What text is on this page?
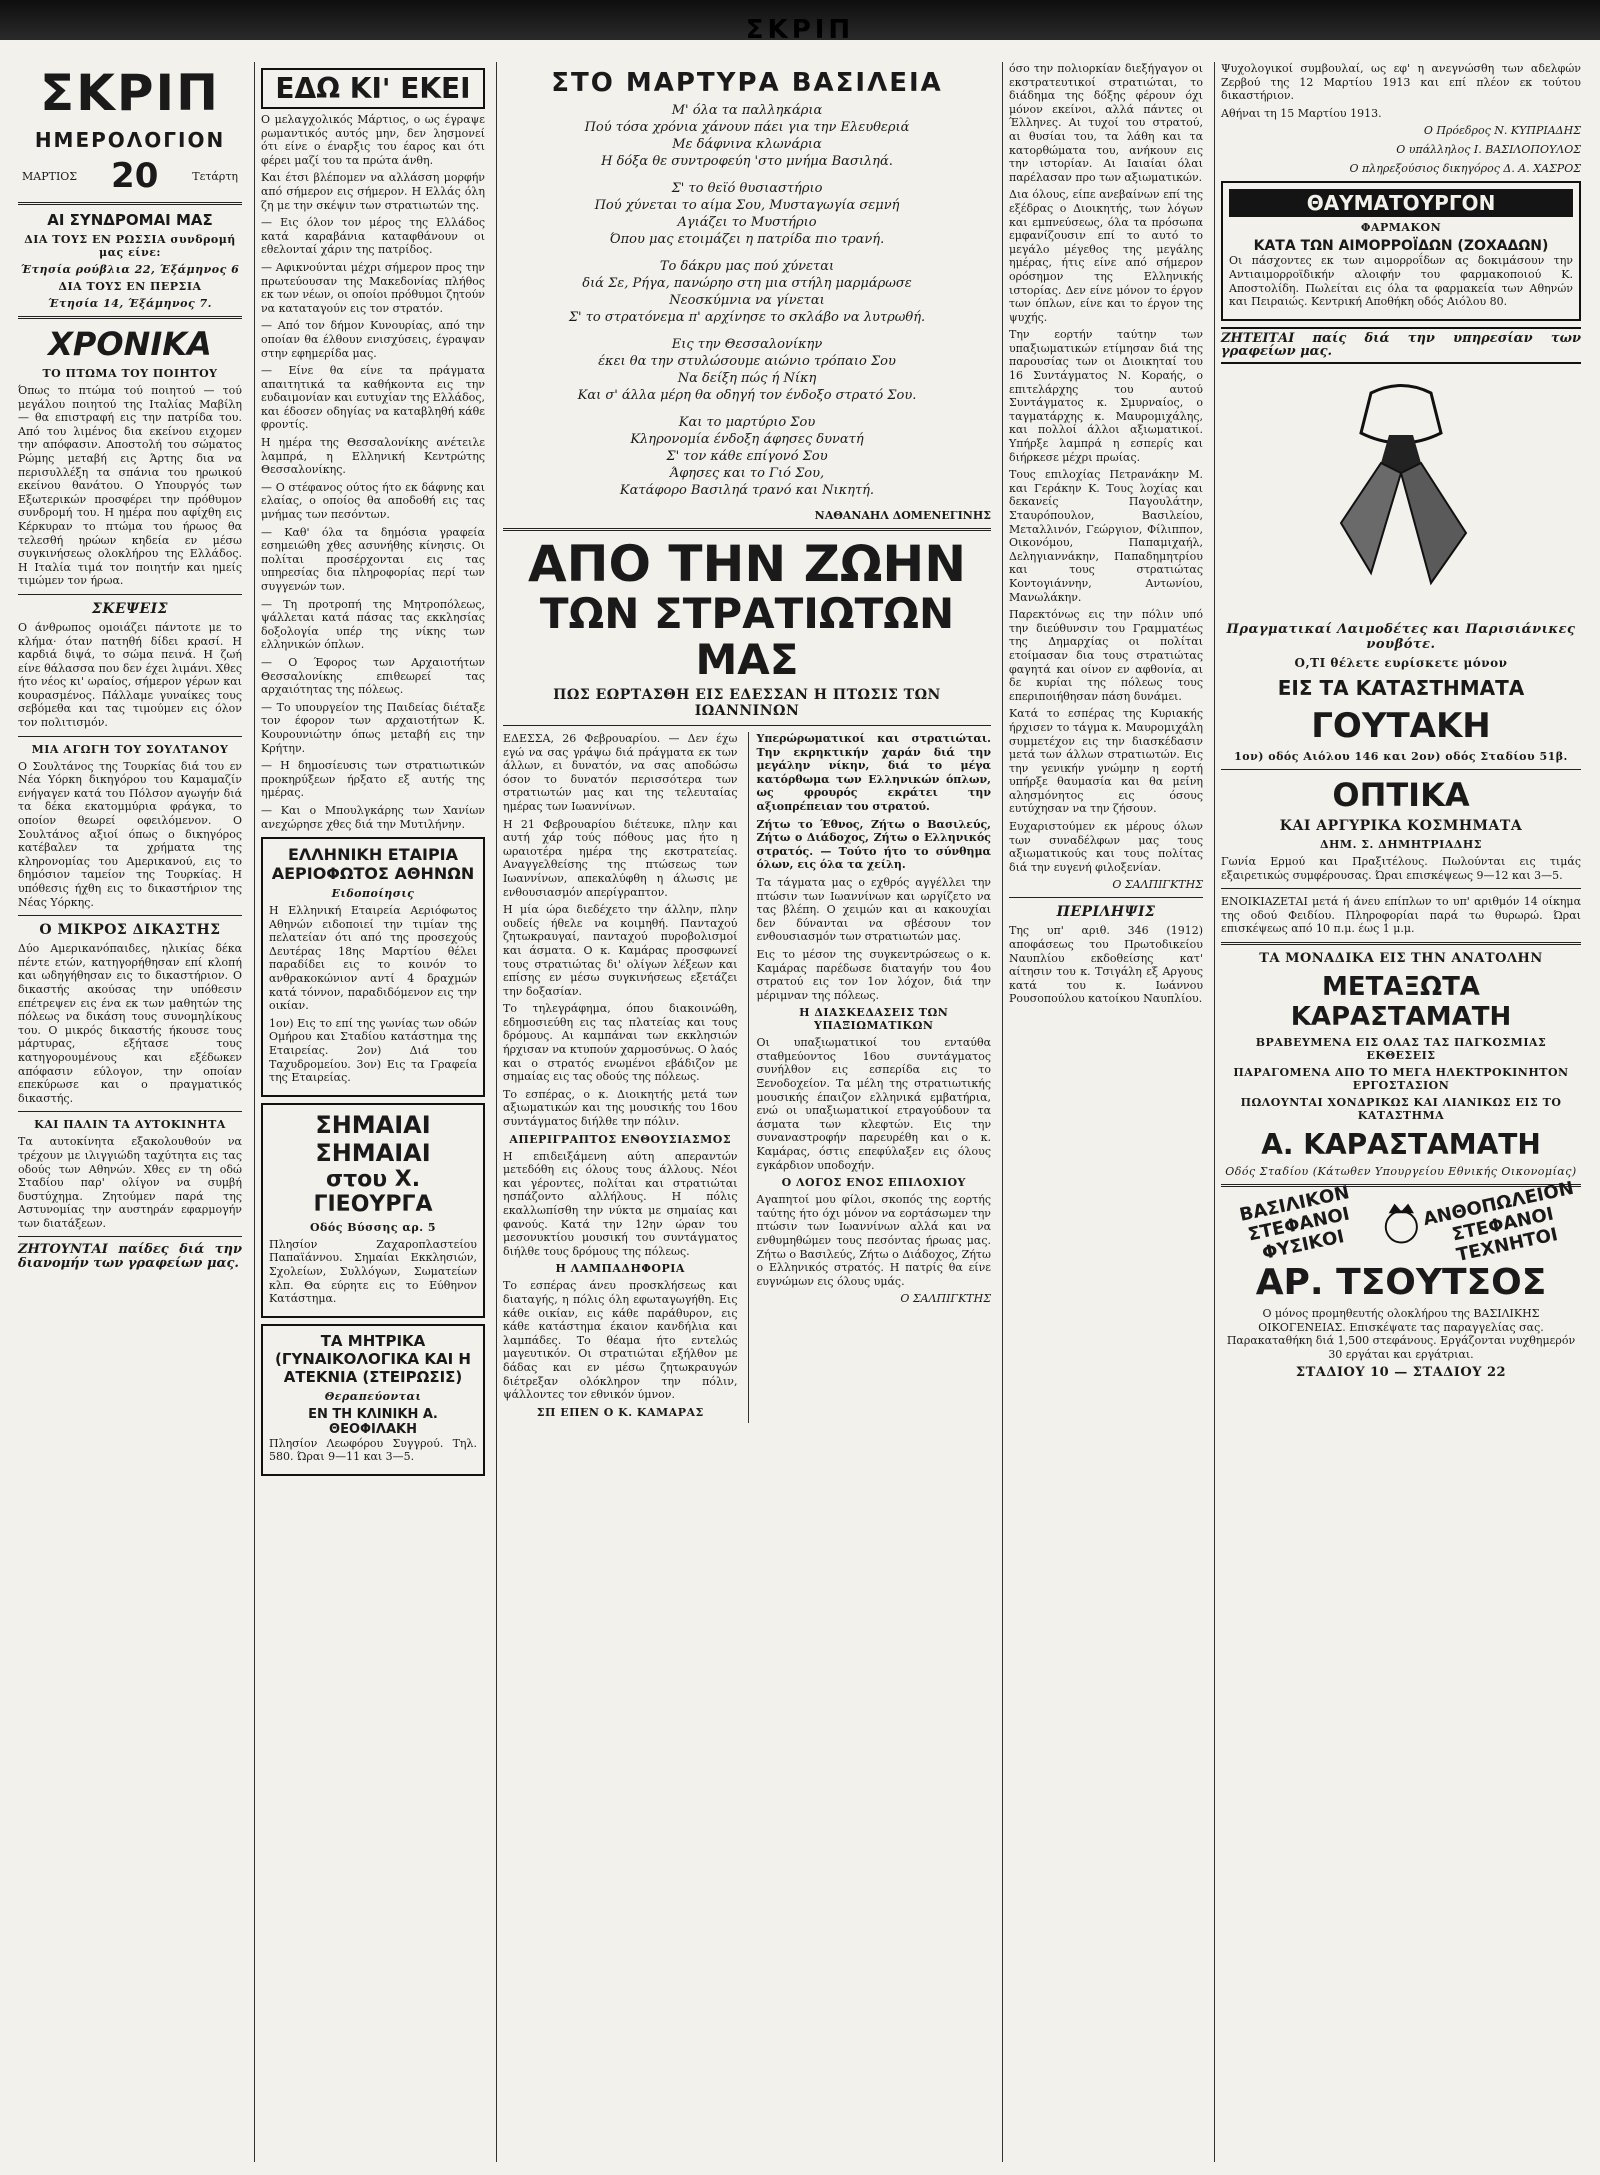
ΣΚΡΙΠ
ΣΚΡΙΠ
ΗΜΕΡΟΛΟΓΙΟΝ
ΜΑΡΤΙΟΣ 20	Τετάρτη
ΑΙ ΣΥΝΔΡΟΜΑΙ ΜΑΣ
ΔΙΑ ΤΟΥΣ ΕΝ ΡΩΣΣΙΑ συνδρομή μας είνε:
Έτησία ρούβλια 22, Έξάμηνος 6
ΔΙΑ ΤΟΥΣ ΕΝ ΠΕΡΣΙΑ
Έτησία 14, Έξάμηνος 7.
ΧΡΟΝΙΚΑ
ΤΟ ΠΤΩΜΑ ΤΟΥ ΠΟΙΗΤΟΥ

Όπως το πτώμα τού ποιητού — τού μεγάλου ποιητού της Ιταλίας Μαβίλη — θα επιστραφή εις την πατρίδα του. Από του λιμένος δια εκείνου ειχομεν την απόφασιν. Αποστολή του σώματος Ρώμης μεταβή εις Άρτης δια να περισυλλέξη τα σπάνια του ηρωικού εκείνου θανάτου. Ο Υπουργός των Εξωτερικών προσφέρει την πρόθυμον συνδρομή του. Η ημέρα που αφίχθη εις Κέρκυραν το πτώμα του ήρωος θα τελεσθή ηρώων κηδεία εν μέσω συγκινήσεως ολοκλήρου της Ελλάδος. Η Ιταλία τιμά τον ποιητήν και ημείς τιμώμεν τον ήρωα.

ΣΚΕΨΕΙΣ

Ο άνθρωπος ομοιάζει πάντοτε με το κλήμα· όταν πατηθή δίδει κρασί. Η καρδιά διψά, το σώμα πεινά. Η ζωή είνε θάλασσα που δεν έχει λιμάνι. Χθες ήτο νέος κι' ωραίος, σήμερον γέρων και κουρασμένος. Πάλλαμε γυναίκες τους σεβόμεθα και τας τιμούμεν εις όλον τον πολιτισμόν.

ΜΙΑ ΑΓΩΓΗ ΤΟΥ ΣΟΥΛΤΑΝΟΥ

Ο Σουλτάνος της Τουρκίας διά του εν Νέα Υόρκη δικηγόρου του Καμαμαζίν ενήγαγεν κατά του Πόλσον αγωγήν διά τα δέκα εκατομμύρια φράγκα, το οποίον θεωρεί οφειλόμενον. Ο Σουλτάνος αξιοί όπως ο δικηγόρος κατέβαλεν τα χρήματα της κληρονομίας του Αμερικανού, εις το δημόσιον ταμείον της Τουρκίας. Η υπόθεσις ήχθη εις το δικαστήριον της Νέας Υόρκης.

Ο ΜΙΚΡΟΣ ΔΙΚΑΣΤΗΣ

Δύο Αμερικανόπαιδες, ηλικίας δέκα πέντε ετών, κατηγορήθησαν επί κλοπή και ωδηγήθησαν εις το δικαστήριον. Ο δικαστής ακούσας την υπόθεσιν επέτρεψεν εις ένα εκ των μαθητών της πόλεως να δικάση τους συνομηλίκους του. Ο μικρός δικαστής ήκουσε τους μάρτυρας, εξήτασε τους κατηγορουμένους και εξέδωκεν απόφασιν εύλογον, την οποίαν επεκύρωσε και ο πραγματικός δικαστής.

ΚΑΙ ΠΑΛΙΝ ΤΑ ΑΥΤΟΚΙΝΗΤΑ

Τα αυτοκίνητα εξακολουθούν να τρέχουν με ιλιγγιώδη ταχύτητα εις τας οδούς των Αθηνών. Χθες εν τη οδώ Σταδίου παρ' ολίγον να συμβή δυστύχημα. Ζητούμεν παρά της Αστυνομίας την αυστηράν εφαρμογήν των διατάξεων.

ΖΗΤΟΥΝΤΑΙ παίδες διά την διανομήν των γραφείων μας.

ΕΔΩ ΚΙ' ΕΚΕΙ

Ο μελαγχολικός Μάρτιος, ο ως έγραψε ρωμαντικός αυτός μην, δεν λησμονεί ότι είνε ο έναρξις του έαρος και ότι φέρει μαζί του τα πρώτα άνθη.

Και έτσι βλέπομεν να αλλάσση μορφήν από σήμερον εις σήμερον. Η Ελλάς όλη ζη με την σκέψιν των στρατιωτών της.

— Εις όλον τον μέρος της Ελλάδος κατά καραβάνια καταφθάνουν οι εθελονταί χάριν της πατρίδος.

— Αφικνούνται μέχρι σήμερον προς την πρωτεύουσαν της Μακεδονίας πλήθος εκ των νέων, οι οποίοι πρόθυμοι ζητούν να καταταγούν εις τον στρατόν.

— Από τον δήμον Κυνουρίας, από την οποίαν θα έλθουν ενισχύσεις, έγραψαν στην εφημερίδα μας.

— Είνε θα είνε τα πράγματα απαιτητικά τα καθήκοντα εις την ευδαιμονίαν και ευτυχίαν της Ελλάδος, και έδοσεν οδηγίας να καταβληθή κάθε φροντίς.

Η ημέρα της Θεσσαλονίκης ανέτειλε λαμπρά, η Ελληνική Κεντρώτης Θεσσαλονίκης.

— Ο στέφανος ούτος ήτο εκ δάφνης και ελαίας, ο οποίος θα αποδοθή εις τας μνήμας των πεσόντων.

— Καθ' όλα τα δημόσια γραφεία εσημειώθη χθες ασυνήθης κίνησις. Οι πολίται προσέρχονται εις τας υπηρεσίας δια πληροφορίας περί των συγγενών των.

— Τη προτροπή της Μητροπόλεως, ψάλλεται κατά πάσας τας εκκλησίας δοξολογία υπέρ της νίκης των ελληνικών όπλων.

— Ο Έφορος των Αρχαιοτήτων Θεσσαλονίκης επιθεωρεί τας αρχαιότητας της πόλεως.

— Το υπουργείον της Παιδείας διέταξε τον έφορον των αρχαιοτήτων Κ. Κουρουνιώτην όπως μεταβή εις την Κρήτην.

— Η δημοσίευσις των στρατιωτικών προκηρύξεων ήρξατο εξ αυτής της ημέρας.

— Και ο Μπουλγκάρης των Χανίων ανεχώρησε χθες διά την Μυτιλήνην.

ΕΛΛΗΝΙΚΗ ΕΤΑΙΡΙΑ ΑΕΡΙΟΦΩΤΟΣ ΑΘΗΝΩΝ
Ειδοποίησις

Η Ελληνική Εταιρεία Αεριόφωτος Αθηνών ειδοποιεί την τιμίαν της πελατείαν ότι από της προσεχούς Δευτέρας 18ης Μαρτίου θέλει παραδίδει εις το κοινόν το ανθρακοκώνιον αντί 4 δραχμών κατά τόννον, παραδιδόμενον εις την οικίαν.

1ον) Εις το επί της γωνίας των οδών Ομήρου και Σταδίου κατάστημα της Εταιρείας. 2ον) Διά του Ταχυδρομείου. 3ον) Εις τα Γραφεία της Εταιρείας.

ΣΗΜΑΙΑΙ ΣΗΜΑΙΑΙ
στου Χ. ΓΙΕΟΥΡΓΑ
Οδός Βύσσης αρ. 5

Πλησίον Ζαχαροπλαστείου Παπαϊάννου. Σημαίαι Εκκλησιών, Σχολείων, Συλλόγων, Σωματείων κλπ. Θα εύρητε εις το Εύθηνον Κατάστημα.

ΤΑ ΜΗΤΡΙΚΑ (ΓΥΝΑΙΚΟΛΟΓΙΚΑ ΚΑΙ Η ΑΤΕΚΝΙΑ (ΣΤΕΙΡΩΣΙΣ)
Θεραπεύονται
ΕΝ ΤΗ ΚΛΙΝΙΚΗ Α. ΘΕΟΦΙΛΑΚΗ

Πλησίον Λεωφόρου Συγγρού. Τηλ. 580. Ώραι 9—11 και 3—5.

ΣΤΟ ΜΑΡΤΥΡΑ ΒΑΣΙΛΕΙΑ
Μ' όλα τα παλληκάρια
Πού τόσα χρόνια χάνουν πάει για την Ελευθεριά
Με δάφνινα κλωνάρια
Η δόξα θε συντροφεύη 'στο μνήμα Βασιληά.
Σ' το θεϊό θυσιαστήριο
Πού χύνεται το αίμα Σου, Μυσταγωγία σεμνή
Αγιάζει το Μυστήριο
Όπου μας ετοιμάζει η πατρίδα πιο τρανή.
Το δάκρυ μας πού χύνεται
διά Σε, Ρήγα, πανώρηο στη μια στήλη μαρμάρωσε
Νεοσκύμνια να γίνεται
Σ' το στρατόνεμα π' αρχίνησε το σκλάβο να λυτρωθή.
Εις την Θεσσαλονίκην
έκει θα την στυλώσουμε αιώνιο τρόπαιο Σου
Να δείξη πώς ή Νίκη
Και σ' άλλα μέρη θα οδηγή τον ένδοξο στρατό Σου.
Και το μαρτύριο Σου
Κληρονομία ένδοξη άφησες δυνατή
Σ' τον κάθε επίγονό Σου
Άφησες και το Γιό Σου,
Κατάφορο Βασιληά τρανό και Νικητή.
ΝΑΘΑΝΑΗΛ ΔΟΜΕΝΕΓΙΝΗΣ
ΑΠΟ ΤΗΝ ΖΩΗΝ
ΤΩΝ ΣΤΡΑΤΙΩΤΩΝ ΜΑΣ
ΠΩΣ ΕΩΡΤΑΣΘΗ ΕΙΣ ΕΔΕΣΣΑΝ Η ΠΤΩΣΙΣ ΤΩΝ ΙΩΑΝΝΙΝΩΝ

ΕΔΕΣΣΑ, 26 Φεβρουαρίου. — Δεν έχω εγώ να σας γράψω διά πράγματα εκ των άλλων, ει δυνατόν, να σας αποδώσω όσον το δυνατόν περισσότερα των στρατιωτών μας και της τελευταίας ημέρας των Ιωαννίνων.

Η 21 Φεβρουαρίου διέτευκε, πλην και αυτή χάρ τούς πόθους μας ήτο η ωραιοτέρα ημέρα της εκστρατείας. Αναγγελθείσης της πτώσεως των Ιωαννίνων, απεκαλύφθη η άλωσις με ενθουσιασμόν απερίγραπτον.

Η μία ώρα διεδέχετο την άλλην, πλην ουδείς ήθελε να κοιμηθή. Πανταχού ζητωκραυγαί, πανταχού πυροβολισμοί και άσματα. Ο κ. Καμάρας προσφωνεί τους στρατιώτας δι' ολίγων λέξεων και επίσης εν μέσω συγκινήσεως εξετάζει την δοξασίαν.

Το τηλεγράφημα, όπου διακοινώθη, εδημοσιεύθη εις τας πλατείας και τους δρόμους. Αι καμπάναι των εκκλησιών ήρχισαν να κτυπούν χαρμοσύνως. Ο λαός και ο στρατός ενωμένοι εβάδιζον με σημαίας εις τας οδούς της πόλεως.

Το εσπέρας, ο κ. Διοικητής μετά των αξιωματικών και της μουσικής του 16ου συντάγματος διήλθε την πόλιν.

ΑΠΕΡΙΓΡΑΠΤΟΣ ΕΝΘΟΥΣΙΑΣΜΟΣ

Η επιδειξάμενη αύτη απεραντών μετεδόθη εις όλους τους άλλους. Νέοι και γέροντες, πολίται και στρατιώται ησπάζοντο αλλήλους. Η πόλις εκαλλωπίσθη την νύκτα με σημαίας και φανούς. Κατά την 12ην ώραν του μεσονυκτίου μουσική του συντάγματος διήλθε τους δρόμους της πόλεως.

Η ΛΑΜΠΑΔΗΦΟΡΙΑ

Το εσπέρας άνευ προσκλήσεως και διαταγής, η πόλις όλη εφωταγωγήθη. Εις κάθε οικίαν, εις κάθε παράθυρον, εις κάθε κατάστημα έκαιον κανδήλια και λαμπάδες. Το θέαμα ήτο εντελώς μαγευτικόν. Οι στρατιώται εξήλθον με δάδας και εν μέσω ζητωκραυγών διέτρεξαν ολόκληρον την πόλιν, ψάλλοντες τον εθνικόν ύμνον.

ΣΠ ΕΠΕΝ Ο Κ. ΚΑΜΑΡΑΣ

Υπερώρωματικοί και στρατιώται. Την εκρηκτικήν χαράν διά την μεγάλην νίκην, διά το μέγα κατόρθωμα των Ελληνικών όπλων, ως φρουρός εκράτει την αξιοπρέπειαν του στρατού.

Ζήτω το Έθνος, Ζήτω ο Βασιλεύς, Ζήτω ο Διάδοχος, Ζήτω ο Ελληνικός στρατός. — Τούτο ήτο το σύνθημα όλων, εις όλα τα χείλη.

Τα τάγματα μας ο εχθρός αγγέλλει την πτώσιν των Ιωαννίνων και ωργίζετο να τας βλέπη. Ο χειμών και αι κακουχίαι δεν δύνανται να σβέσουν τον ενθουσιασμόν των στρατιωτών μας.

Εις το μέσον της συγκεντρώσεως ο κ. Καμάρας παρέδωσε διαταγήν του 4ου στρατού εις τον 1ον λόχον, διά την μέριμναν της πόλεως.

Η ΔΙΑΣΚΕΔΑΣΕΙΣ ΤΩΝ ΥΠΑΞΙΩΜΑΤΙΚΩΝ

Οι υπαξιωματικοί του ενταύθα σταθμεύοντος 16ου συντάγματος συνήλθον εις εσπερίδα εις το Ξενοδοχείον. Τα μέλη της στρατιωτικής μουσικής έπαιζον ελληνικά εμβατήρια, ενώ οι υπαξιωματικοί ετραγούδουν τα άσματα των κλεφτών. Εις την συναναστροφήν παρευρέθη και ο κ. Καμάρας, όστις επεφύλαξεν εις όλους εγκάρδιον υποδοχήν.

Ο ΛΟΓΟΣ ΕΝΟΣ ΕΠΙΛΟΧΙΟΥ

Αγαπητοί μου φίλοι, σκοπός της εορτής ταύτης ήτο όχι μόνον να εορτάσωμεν την πτώσιν των Ιωαννίνων αλλά και να ενθυμηθώμεν τους πεσόντας ήρωας μας. Ζήτω ο Βασιλεύς, Ζήτω ο Διάδοχος, Ζήτω ο Ελληνικός στρατός. Η πατρίς θα είνε ευγνώμων εις όλους υμάς.

Ο ΣΑΛΠΙΓΚΤΗΣ

όσο την πολιορκίαν διεξήγαγον οι εκστρατευτικοί στρατιώται, το διάδημα της δόξης φέρουν όχι μόνον εκείνοι, αλλά πάντες οι Έλληνες. Αι τυχοί του στρατού, αι θυσίαι του, τα λάθη και τα κατορθώματα του, ανήκουν εις την ιστορίαν. Αι Ιαιαίαι όλαι παρέλασαν προ των αξιωματικών.

Δια όλους, είπε ανεβαίνων επί της εξέδρας ο Διοικητής, των λόγων και εμπνεύσεως, όλα τα πρόσωπα εμφανίζουσιν επί το αυτό το μεγάλο μέγεθος της μεγάλης ημέρας, ήτις είνε από σήμερον ορόσημον της Ελληνικής ιστορίας. Δεν είνε μόνον το έργον των όπλων, είνε και το έργον της ψυχής.

Την εορτήν ταύτην των υπαξιωματικών ετίμησαν διά της παρουσίας των οι Διοικηταί του 16 Συντάγματος Ν. Κοραής, ο επιτελάρχης του αυτού Συντάγματος κ. Σμυρναίος, ο ταγματάρχης κ. Μαυρομιχάλης, και πολλοί άλλοι αξιωματικοί. Υπήρξε λαμπρά η εσπερίς και διήρκεσε μέχρι πρωίας.

Τους επιλοχίας Πετρανάκην Μ. και Γεράκην Κ. Τους λοχίας και δεκανείς Παγουλάτην, Σταυρόπουλον, Βασιλείου, Μεταλλινόν, Γεώργιον, Φίλιππον, Οικονόμου, Παπαμιχαήλ, Δεληγιαννάκην, Παπαδημητρίου και τους στρατιώτας Κοντογιάννην, Αντωνίου, Μανωλάκην.

Παρεκτόνως εις την πόλιν υπό την διεύθυνσιν του Γραμματέως της Δημαρχίας οι πολίται ετοίμασαν δια τους στρατιώτας φαγητά και οίνον εν αφθονία, αι δε κυρίαι της πόλεως τους επεριποιήθησαν πάση δυνάμει.

Κατά το εσπέρας της Κυριακής ήρχισεν το τάγμα κ. Μαυρομιχάλη συμμετέχον εις την διασκέδασιν μετά των άλλων στρατιωτών. Εις την γενικήν γνώμην η εορτή υπήρξε θαυμασία και θα μείνη αλησμόνητος εις όσους ευτύχησαν να την ζήσουν.

Ευχαριστούμεν εκ μέρους όλων των συναδέλφων μας τους αξιωματικούς και τους πολίτας διά την ευγενή φιλοξενίαν.

Ο ΣΑΛΠΙΓΚΤΗΣ
ΠΕΡΙΛΗΨΙΣ

Της υπ' αριθ. 346 (1912) αποφάσεως του Πρωτοδικείου Ναυπλίου εκδοθείσης κατ' αίτησιν του κ. Τσιγάλη εξ Αργους κατά του κ. Ιωάννου Ρουσοπούλου κατοίκου Ναυπλίου.

Ψυχολογικοί συμβουλαί, ως εφ' η ανεγνώσθη των αδελφών Ζερβού της 12 Μαρτίου 1913 και επί πλέον εκ τούτου δικαστήριον.

Αθήναι τη 15 Μαρτίου 1913.

Ο Πρόεδρος Ν. ΚΥΠΡΙΑΔΗΣ
Ο υπάλληλος Ι. ΒΑΣΙΛΟΠΟΥΛΟΣ
Ο πληρεξούσιος δικηγόρος Δ. Α. ΧΑΣΡΟΣ
ΘΑΥΜΑΤΟΥΡΓΟΝ
ΦΑΡΜΑΚΟΝ
ΚΑΤΑ ΤΩΝ ΑΙΜΟΡΡΟΪΔΩΝ (ΖΟΧΑΔΩΝ)

Οι πάσχοντες εκ των αιμορροΐδων ας δοκιμάσουν την Αντιαιμορροϊδικήν αλοιφήν του φαρμακοποιού Κ. Αποστολίδη. Πωλείται εις όλα τα φαρμακεία των Αθηνών και Πειραιώς. Κεντρική Αποθήκη οδός Αιόλου 80.

ΖΗΤΕΙΤΑΙ παίς διά την υπηρεσίαν των γραφείων μας.

Πραγματικαί Λαιμοδέτες και Παρισιάνικες νουβότε.
Ο,ΤΙ θέλετε ευρίσκετε μόνον
ΕΙΣ ΤΑ ΚΑΤΑΣΤΗΜΑΤΑ
ΓΟΥΤΑΚΗ
1ον) οδός Αιόλου 146 και 2ον) οδός Σταδίου 51β.
ΟΠΤΙΚΑ
ΚΑΙ ΑΡΓΥΡΙΚΑ ΚΟΣΜΗΜΑΤΑ
ΔΗΜ. Σ. ΔΗΜΗΤΡΙΑΔΗΣ

Γωνία Ερμού και Πραξιτέλους. Πωλούνται εις τιμάς εξαιρετικώς συμφέρουσας. Ώραι επισκέψεως 9—12 και 3—5.

ΕΝΟΙΚΙΑΖΕΤΑΙ μετά ή άνευ επίπλων το υπ' αριθμόν 14 οίκημα της οδού Φειδίου. Πληροφορίαι παρά τω θυρωρώ. Ώραι επισκέψεως από 10 π.μ. έως 1 μ.μ.

ΤΑ ΜΟΝΑΔΙΚΑ ΕΙΣ ΤΗΝ ΑΝΑΤΟΛΗΝ
ΜΕΤΑΞΩΤΑ ΚΑΡΑΣΤΑΜΑΤΗ
ΒΡΑΒΕΥΜΕΝΑ ΕΙΣ ΟΛΑΣ ΤΑΣ ΠΑΓΚΟΣΜΙΑΣ ΕΚΘΕΣΕΙΣ
ΠΑΡΑΓΟΜΕΝΑ ΑΠΟ ΤΟ ΜΕΓΑ ΗΛΕΚΤΡΟΚΙΝΗΤΟΝ ΕΡΓΟΣΤΑΣΙΟΝ
ΠΩΛΟΥΝΤΑΙ ΧΟΝΔΡΙΚΩΣ ΚΑΙ ΛΙΑΝΙΚΩΣ ΕΙΣ ΤΟ ΚΑΤΑΣΤΗΜΑ
Α. ΚΑΡΑΣΤΑΜΑΤΗ
Οδός Σταδίου (Κάτωθεν Υπουργείου Εθνικής Οικονομίας)
ΒΑΣΙΛΙΚΟΝ ΣΤΕΦΑΝΟΙ ΦΥΣΙΚΟΙ
ΑΝΘΟΠΩΛΕΙΟΝ ΣΤΕΦΑΝΟΙ ΤΕΧΝΗΤΟΙ
ΑΡ. ΤΣΟΥΤΣΟΣ

Ο μόνος προμηθευτής ολοκλήρου της ΒΑΣΙΛΙΚΗΣ ΟΙΚΟΓΕΝΕΙΑΣ. Επισκέψατε τας παραγγελίας σας. Παρακαταθήκη διά 1,500 στεφάνους. Εργάζονται νυχθημερόν 30 εργάται και εργάτριαι.

ΣΤΑΔΙΟΥ 10 — ΣΤΑΔΙΟΥ 22
